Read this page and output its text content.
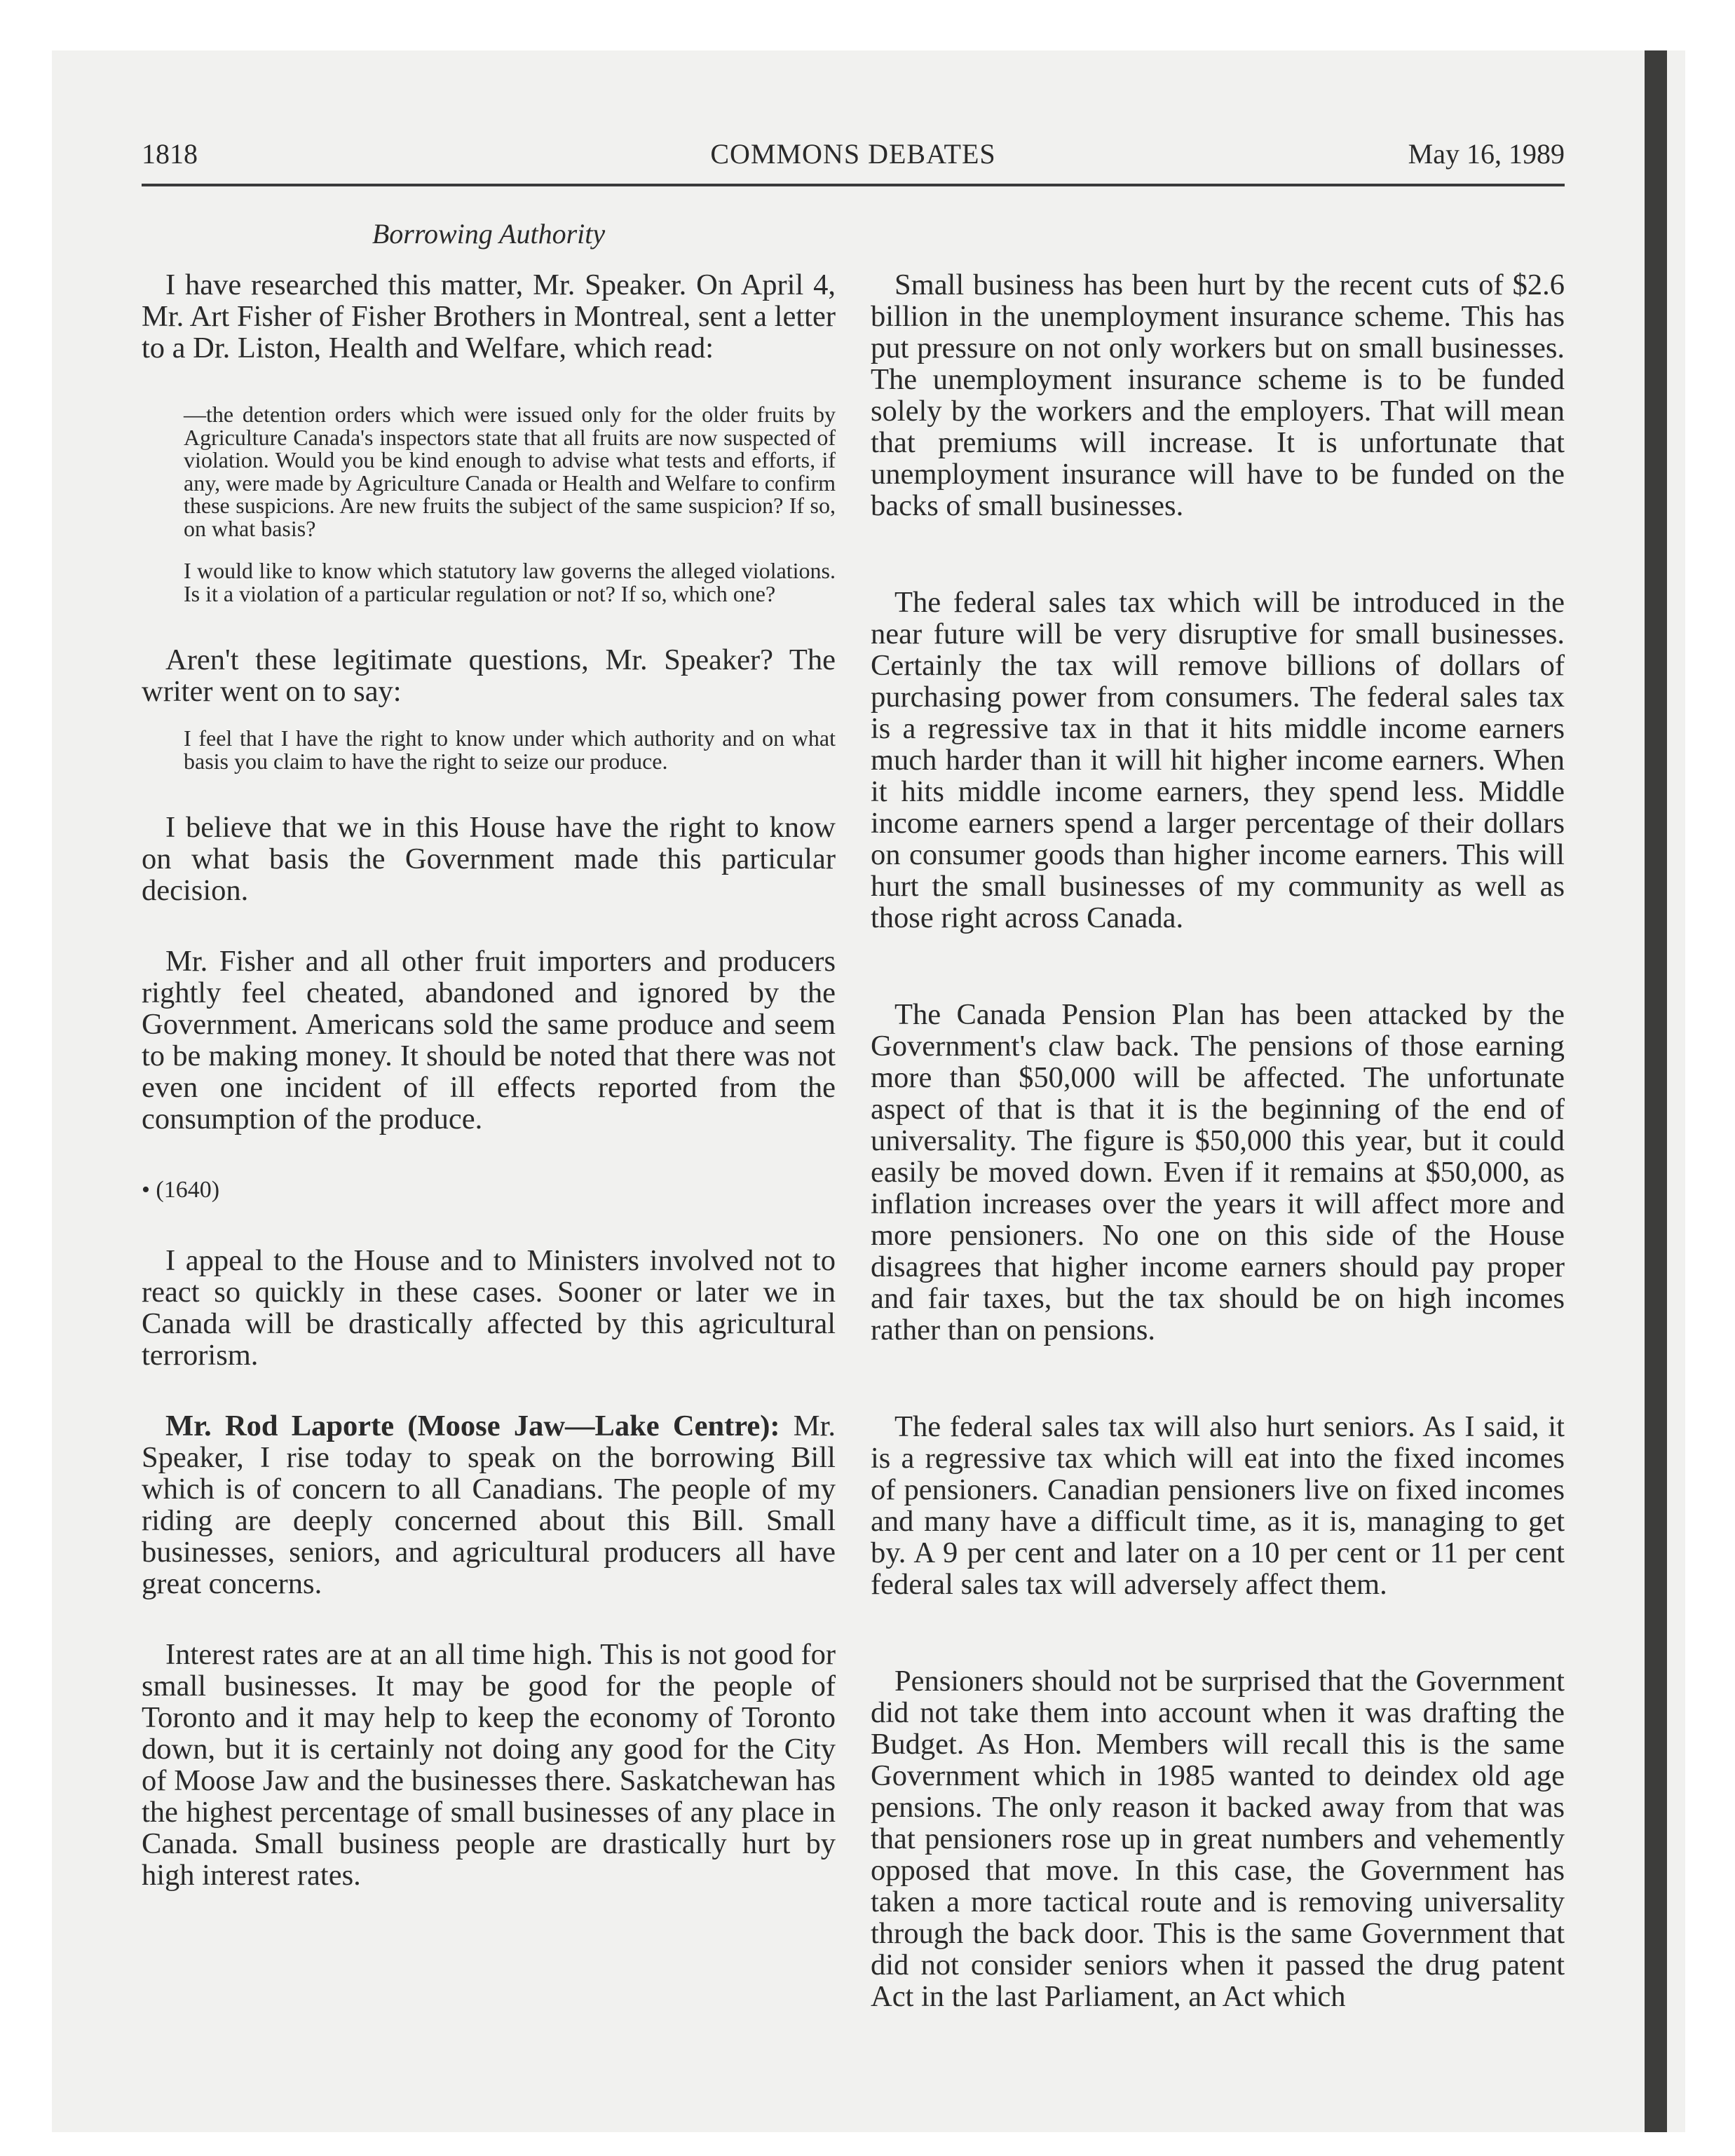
1818	COMMONS DEBATES	May 16, 1989
Borrowing Authority

I have researched this matter, Mr. Speaker. On April 4, Mr. Art Fisher of Fisher Brothers in Montreal, sent a letter to a Dr. Liston, Health and Welfare, which read:

—the detention orders which were issued only for the older fruits by Agriculture Canada's inspectors state that all fruits are now suspected of violation. Would you be kind enough to advise what tests and efforts, if any, were made by Agriculture Canada or Health and Welfare to confirm these suspicions. Are new fruits the subject of the same suspicion? If so, on what basis?

I would like to know which statutory law governs the alleged violations. Is it a violation of a particular regulation or not? If so, which one?

Aren't these legitimate questions, Mr. Speaker? The writer went on to say:

I feel that I have the right to know under which authority and on what basis you claim to have the right to seize our produce.

I believe that we in this House have the right to know on what basis the Government made this particular decision.

Mr. Fisher and all other fruit importers and producers rightly feel cheated, abandoned and ignored by the Government. Americans sold the same produce and seem to be making money. It should be noted that there was not even one incident of ill effects reported from the consumption of the produce.

• (1640)

I appeal to the House and to Ministers involved not to react so quickly in these cases. Sooner or later we in Canada will be drastically affected by this agricultural terrorism.

Mr. Rod Laporte (Moose Jaw—Lake Centre): Mr. Speaker, I rise today to speak on the borrowing Bill which is of concern to all Canadians. The people of my riding are deeply concerned about this Bill. Small businesses, seniors, and agricultural producers all have great concerns.

Interest rates are at an all time high. This is not good for small businesses. It may be good for the people of Toronto and it may help to keep the economy of Toronto down, but it is certainly not doing any good for the City of Moose Jaw and the businesses there. Saskatchewan has the highest percentage of small businesses of any place in Canada. Small business people are drastically hurt by high interest rates.

Small business has been hurt by the recent cuts of $2.6 billion in the unemployment insurance scheme. This has put pressure on not only workers but on small businesses. The unemployment insurance scheme is to be funded solely by the workers and the employers. That will mean that premiums will increase. It is unfortunate that unemployment insurance will have to be funded on the backs of small businesses.

The federal sales tax which will be introduced in the near future will be very disruptive for small businesses. Certainly the tax will remove billions of dollars of purchasing power from consumers. The federal sales tax is a regressive tax in that it hits middle income earners much harder than it will hit higher income earners. When it hits middle income earners, they spend less. Middle income earners spend a larger percentage of their dollars on consumer goods than higher income earners. This will hurt the small businesses of my community as well as those right across Canada.

The Canada Pension Plan has been attacked by the Government's claw back. The pensions of those earning more than $50,000 will be affected. The unfortunate aspect of that is that it is the beginning of the end of universality. The figure is $50,000 this year, but it could easily be moved down. Even if it remains at $50,000, as inflation increases over the years it will affect more and more pensioners. No one on this side of the House disagrees that higher income earners should pay proper and fair taxes, but the tax should be on high incomes rather than on pensions.

The federal sales tax will also hurt seniors. As I said, it is a regressive tax which will eat into the fixed incomes of pensioners. Canadian pensioners live on fixed incomes and many have a difficult time, as it is, managing to get by. A 9 per cent and later on a 10 per cent or 11 per cent federal sales tax will adversely affect them.

Pensioners should not be surprised that the Government did not take them into account when it was drafting the Budget. As Hon. Members will recall this is the same Government which in 1985 wanted to deindex old age pensions. The only reason it backed away from that was that pensioners rose up in great numbers and vehemently opposed that move. In this case, the Government has taken a more tactical route and is removing universality through the back door. This is the same Government that did not consider seniors when it passed the drug patent Act in the last Parliament, an Act which
